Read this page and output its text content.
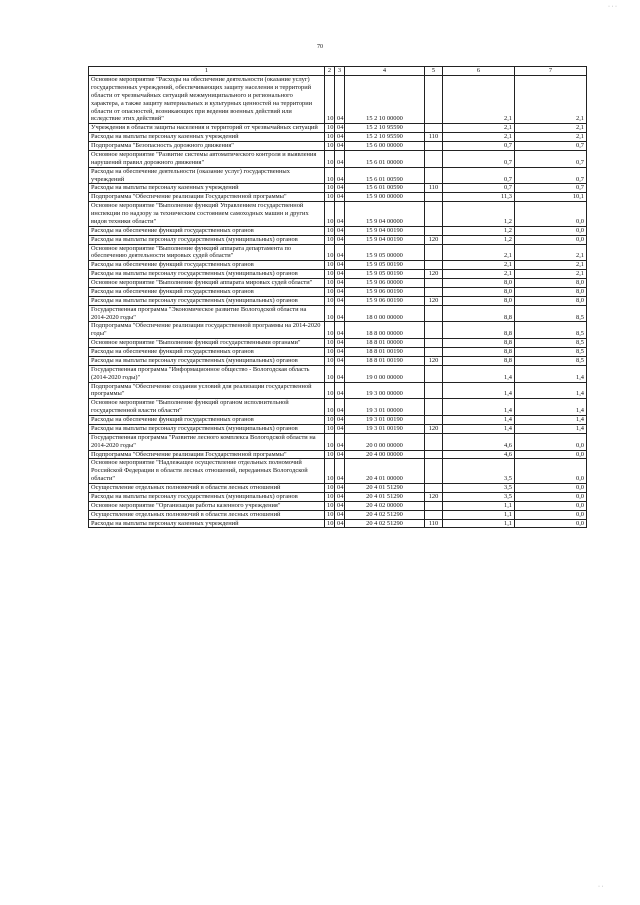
· · ·
70
1	2	3	4	5	6	7
Основное мероприятие "Расходы на обеспечение деятельности (оказание услуг) государственных учреждений, обеспечивающих защиту населения и территорий области от чрезвычайных ситуаций межмуниципального и регионального характера, а также защиту материальных и культурных ценностей на территории области от опасностей, возникающих при ведении военных действий или вследствие этих действий"	10	04	15 2 10 00000		2,1	2,1
Учреждения в области защиты населения и территорий от чрезвычайных ситуаций	10	04	15 2 10 95590		2,1	2,1
Расходы на выплаты персоналу казенных учреждений	10	04	15 2 10 95590	110	2,1	2,1
Подпрограмма "Безопасность дорожного движения"	10	04	15 6 00 00000		0,7	0,7
Основное мероприятие "Развитие системы автоматического контроля и выявления нарушений правил дорожного движения"	10	04	15 6 01 00000		0,7	0,7
Расходы на обеспечение деятельности (оказание услуг) государственных учреждений	10	04	15 6 01 00590		0,7	0,7
Расходы на выплаты персоналу казенных учреждений	10	04	15 6 01 00590	110	0,7	0,7
Подпрограмма "Обеспечение реализации Государственной программы"	10	04	15 9 00 00000		11,3	10,1
Основное мероприятие "Выполнение функций Управлением государственной инспекции по надзору за техническим состоянием самоходных машин и других видов техники области"	10	04	15 9 04 00000		1,2	0,0
Расходы на обеспечение функций государственных органов	10	04	15 9 04 00190		1,2	0,0
Расходы на выплаты персоналу государственных (муниципальных) органов	10	04	15 9 04 00190	120	1,2	0,0
Основное мероприятие "Выполнение функций аппарата департамента по обеспечению деятельности мировых судей области"	10	04	15 9 05 00000		2,1	2,1
Расходы на обеспечение функций государственных органов	10	04	15 9 05 00190		2,1	2,1
Расходы на выплаты персоналу государственных (муниципальных) органов	10	04	15 9 05 00190	120	2,1	2,1
Основное мероприятие "Выполнение функций аппарата мировых судей области"	10	04	15 9 06 00000		8,0	8,0
Расходы на обеспечение функций государственных органов	10	04	15 9 06 00190		8,0	8,0
Расходы на выплаты персоналу государственных (муниципальных) органов	10	04	15 9 06 00190	120	8,0	8,0
Государственная программа "Экономическое развитие Вологодской области на 2014-2020 годы"	10	04	18 0 00 00000		8,8	8,5
Подпрограмма "Обеспечение реализации государственной программы на 2014-2020 годы"	10	04	18 8 00 00000		8,8	8,5
Основное мероприятие "Выполнение функций государственными органами"	10	04	18 8 01 00000		8,8	8,5
Расходы на обеспечение функций государственных органов	10	04	18 8 01 00190		8,8	8,5
Расходы на выплаты персоналу государственных (муниципальных) органов	10	04	18 8 01 00190	120	8,8	8,5
Государственная программа "Информационное общество - Вологодская область (2014-2020 годы)"	10	04	19 0 00 00000		1,4	1,4
Подпрограмма "Обеспечение создания условий для реализации государственной программы"	10	04	19 3 00 00000		1,4	1,4
Основное мероприятие "Выполнение функций органом исполнительной государственной власти области"	10	04	19 3 01 00000		1,4	1,4
Расходы на обеспечение функций государственных органов	10	04	19 3 01 00190		1,4	1,4
Расходы на выплаты персоналу государственных (муниципальных) органов	10	04	19 3 01 00190	120	1,4	1,4
Государственная программа "Развитие лесного комплекса Вологодской области на 2014-2020 годы"	10	04	20 0 00 00000		4,6	0,0
Подпрограмма "Обеспечение реализации Государственной программы"	10	04	20 4 00 00000		4,6	0,0
Основное мероприятие "Надлежащее осуществление отдельных полномочий Российской Федерации в области лесных отношений, переданных Вологодской области"	10	04	20 4 01 00000		3,5	0,0
Осуществление отдельных полномочий в области лесных отношений	10	04	20 4 01 51290		3,5	0,0
Расходы на выплаты персоналу государственных (муниципальных) органов	10	04	20 4 01 51290	120	3,5	0,0
Основное мероприятие "Организация работы казенного учреждения"	10	04	20 4 02 00000		1,1	0,0
Осуществление отдельных полномочий в области лесных отношений	10	04	20 4 02 51290		1,1	0,0
Расходы на выплаты персоналу казенных учреждений	10	04	20 4 02 51290	110	1,1	0,0
· ·
